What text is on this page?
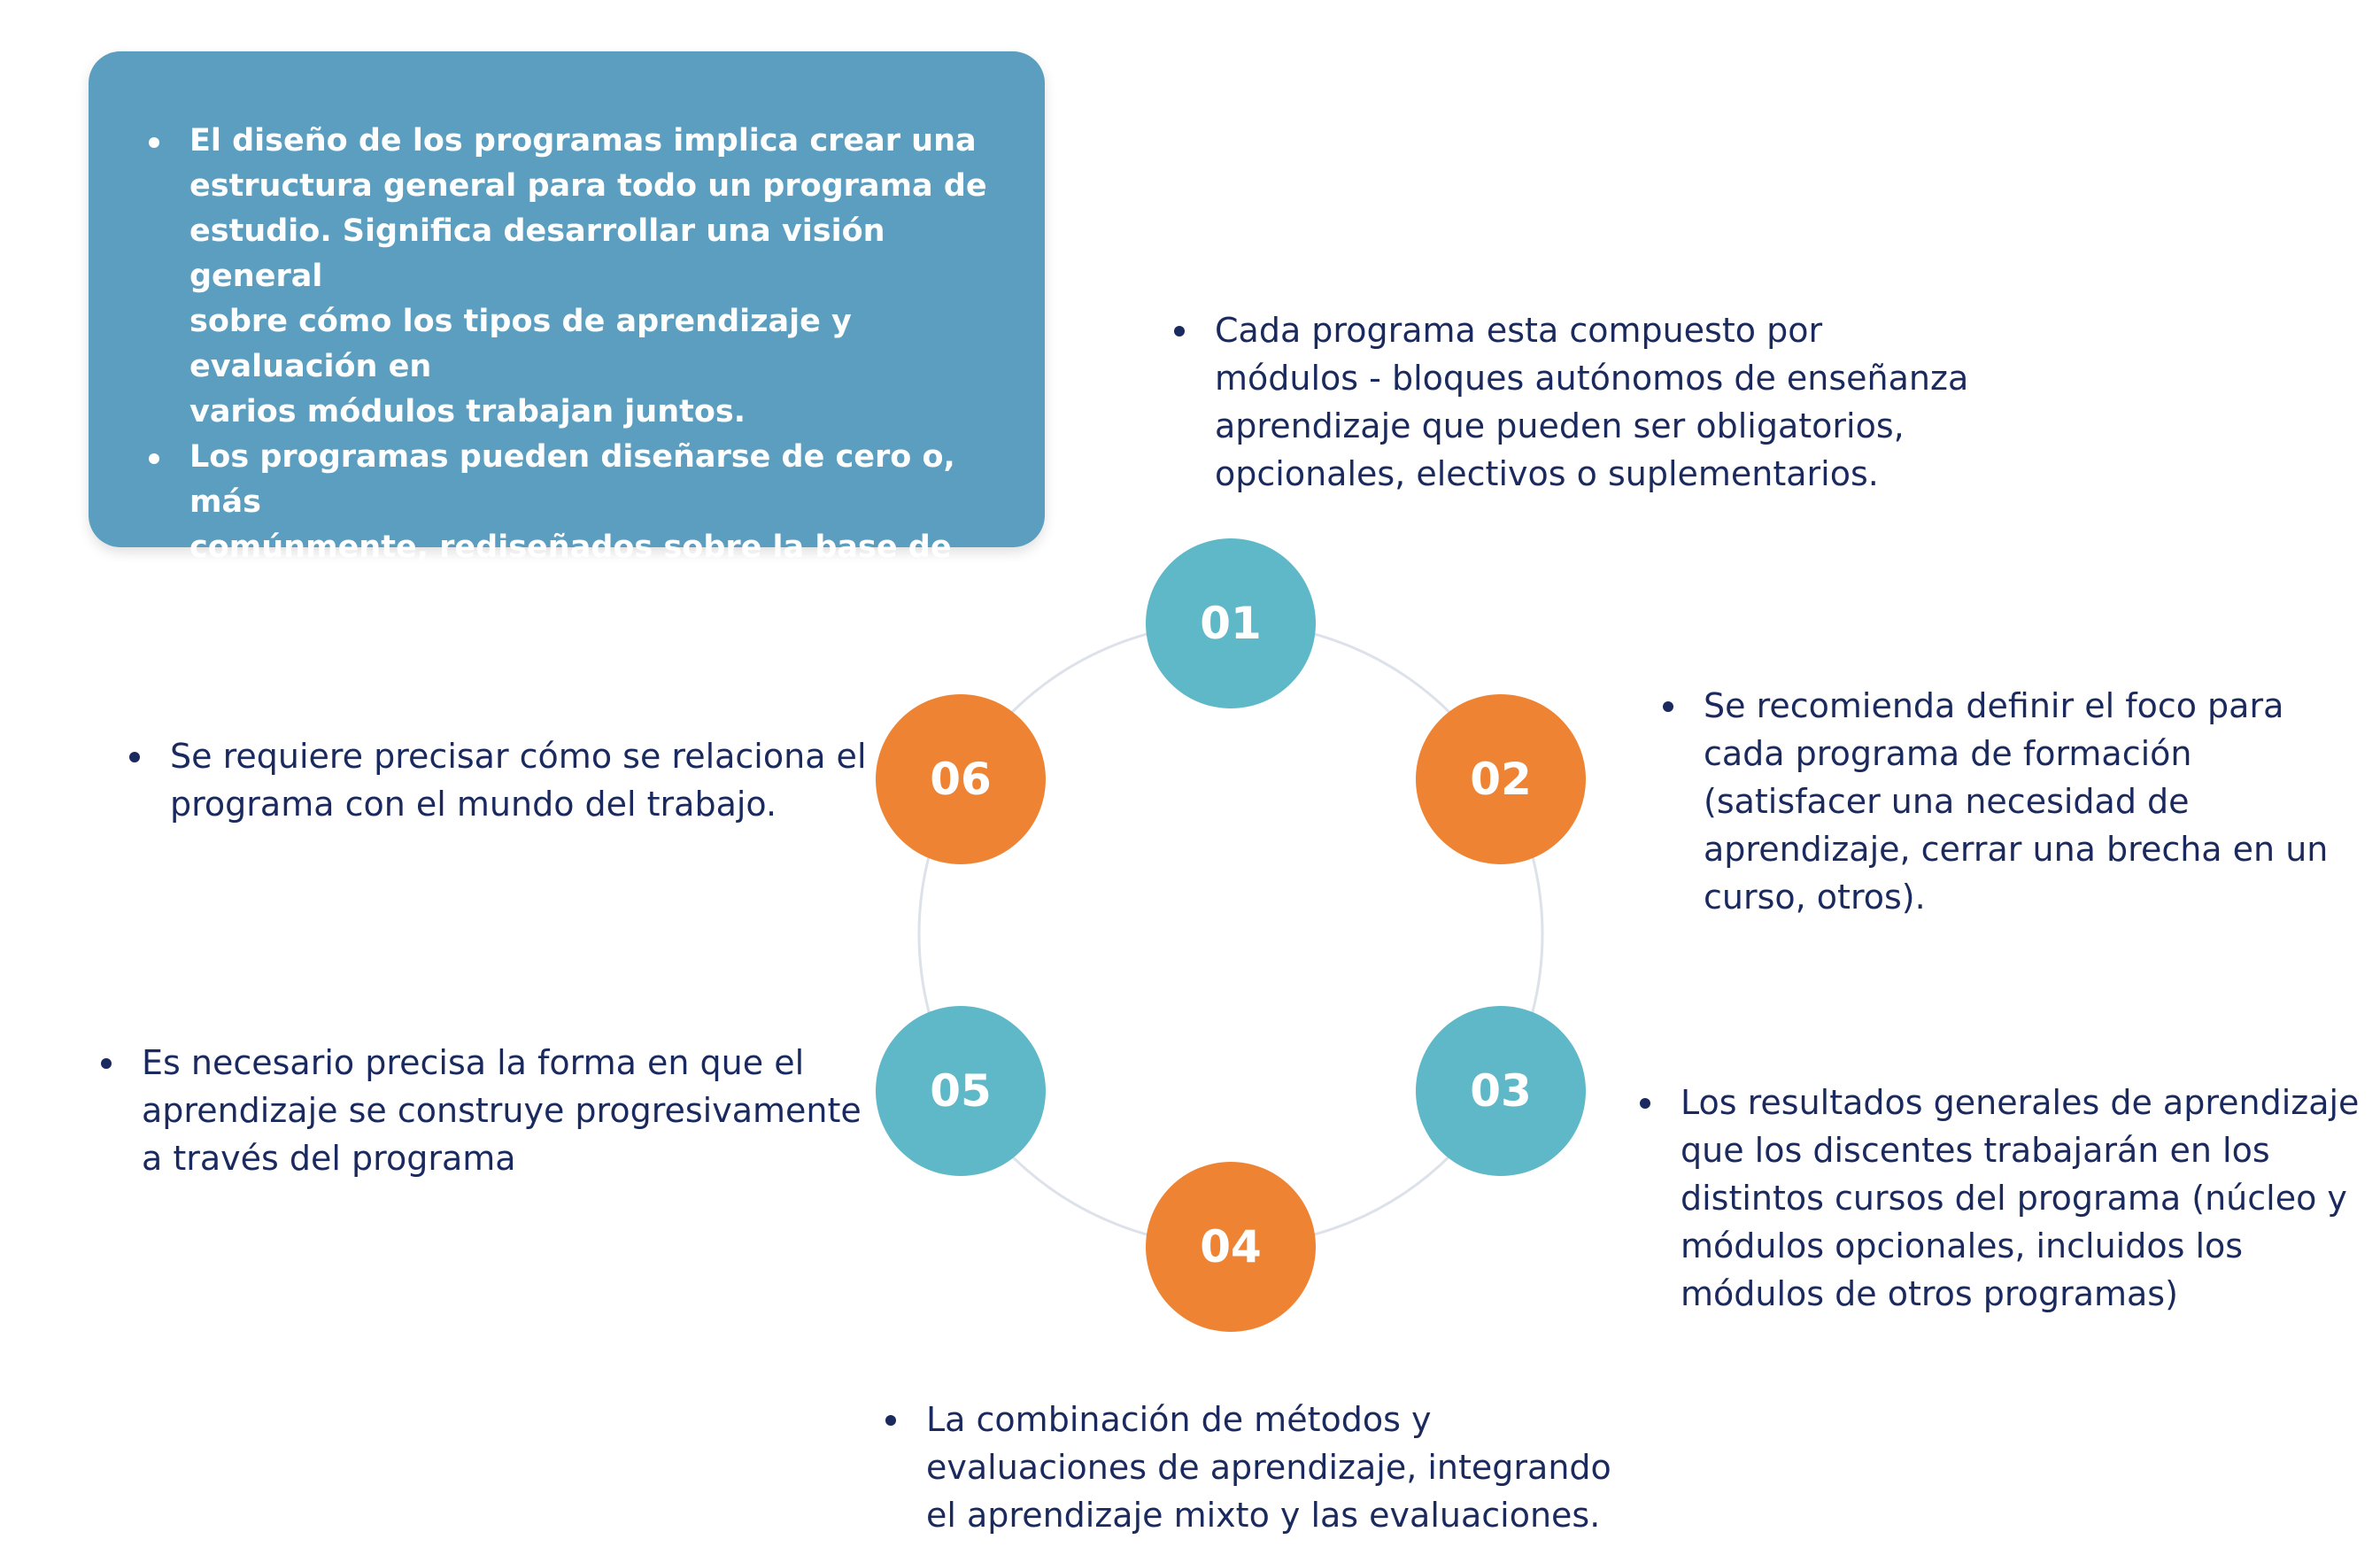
El diseño de los programas implica crear una
estructura general para todo un programa de
estudio. Significa desarrollar una visión general
sobre cómo los tipos de aprendizaje y evaluación en
varios módulos trabajan juntos.
Los programas pueden diseñarse de cero o, más
comúnmente, rediseñados sobre la base de los
programas existentes.	01
02
03
04
05
06
Cada programa esta compuesto por
módulos - bloques autónomos de enseñanza
aprendizaje que pueden ser obligatorios,
opcionales, electivos o suplementarios.
Se recomienda definir el foco para
cada programa de formación
(satisfacer una necesidad de
aprendizaje, cerrar una brecha en un
curso, otros).
Los resultados generales de aprendizaje
que los discentes trabajarán en los
distintos cursos del programa (núcleo y
módulos opcionales, incluidos los
módulos de otros programas)
La combinación de métodos y
evaluaciones de aprendizaje, integrando
el aprendizaje mixto y las evaluaciones.
Es necesario precisa la forma en que el
aprendizaje se construye progresivamente
a través del programa
Se requiere precisar cómo se relaciona el
programa con el mundo del trabajo.
